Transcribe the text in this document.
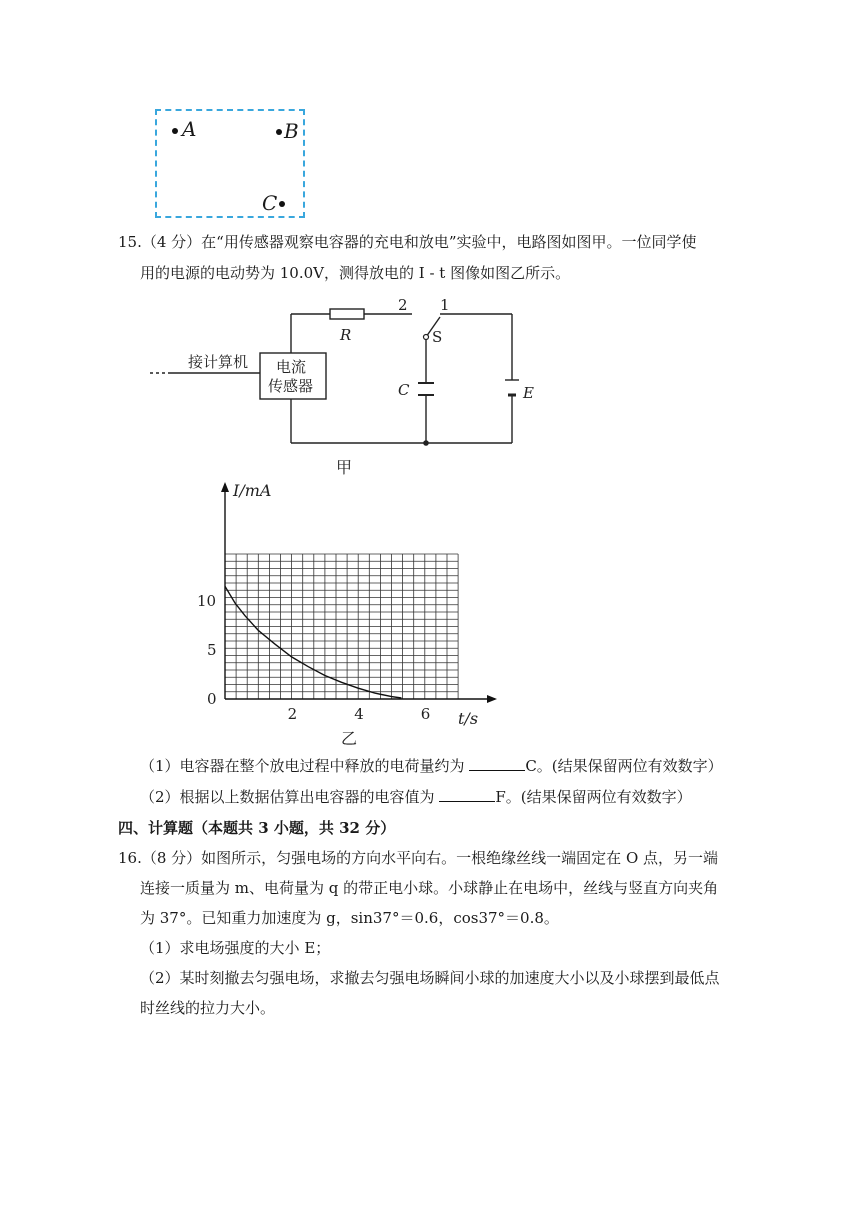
A	B
C
15.（4 分）在“用传感器观察电容器的充电和放电”实验中，电路图如图甲。一位同学使
用的电源的电动势为 10.0V，测得放电的 I - t 图像如图乙所示。
2 1
R	S
C	E
接计算机 电流
传感器
甲
2	4	6
0
5
10
I/mA
t/s
乙
（1）电容器在整个放电过程中释放的电荷量约为	C。(结果保留两位有效数字）
（2）根据以上数据估算出电容器的电容值为	F。(结果保留两位有效数字）
四、计算题（本题共 3 小题，共 32 分）
16.（8 分）如图所示，匀强电场的方向水平向右。一根绝缘丝线一端固定在 O 点，另一端
连接一质量为 m、电荷量为 q 的带正电小球。小球静止在电场中，丝线与竖直方向夹角
为 37°。已知重力加速度为 g，sin37°＝0.6，cos37°＝0.8。
（1）求电场强度的大小 E；
（2）某时刻撤去匀强电场，求撤去匀强电场瞬间小球的加速度大小以及小球摆到最低点
时丝线的拉力大小。
